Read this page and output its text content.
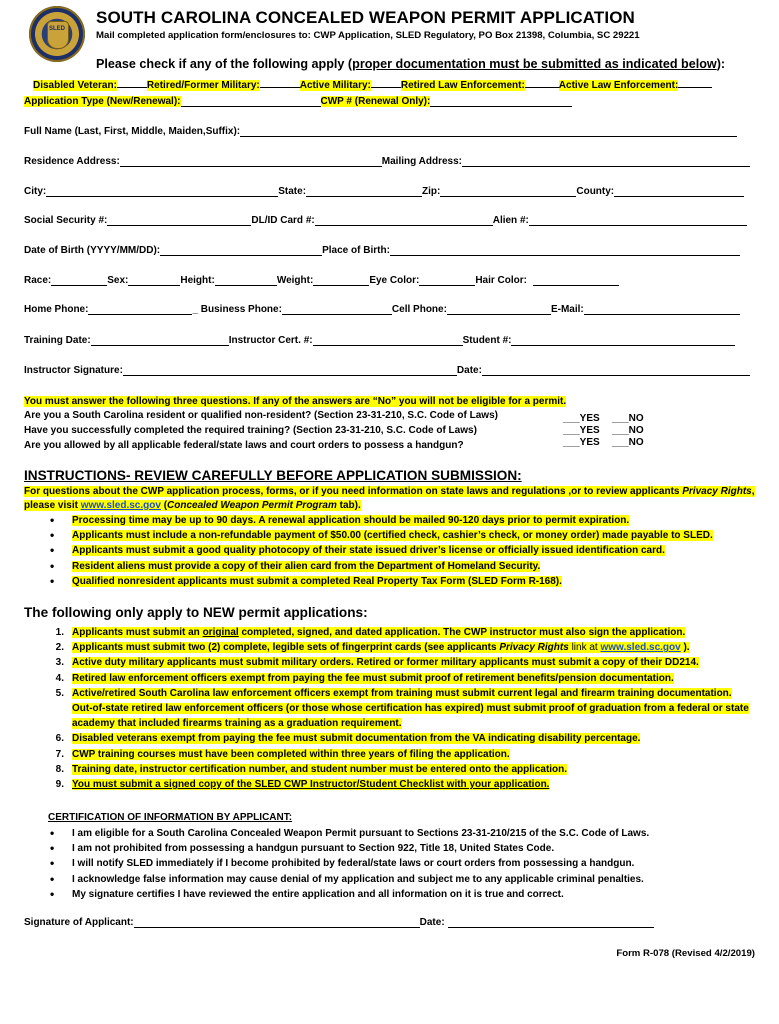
SLED
SOUTH CAROLINA CONCEALED WEAPON PERMIT APPLICATION
Mail completed application form/enclosures to: CWP Application, SLED Regulatory, PO Box 21398, Columbia, SC 29221
Please check if any of the following apply (proper documentation must be submitted as indicated below):
Disabled Veteran:	Retired/Former Military:	Active Military:	Retired Law Enforcement:	Active Law Enforcement:
Application Type (New/Renewal):	CWP # (Renewal Only):
Full Name (Last, First, Middle, Maiden,Suffix):
Residence Address:	Mailing Address:
City:	State:	Zip:	County:
Social Security #:	DL/ID Card #:	Alien #:
Date of Birth (YYYY/MM/DD):	Place of Birth:
Race:	Sex:	Height:	Weight:	Eye Color:	Hair Color:
Home Phone:	_ Business Phone:	Cell Phone:	E-Mail:
Training Date:	Instructor Cert. #:	Student #:
Instructor Signature:	Date:
You must answer the following three questions. If any of the answers are “No” you will not be eligible for a permit.
Are you a South Carolina resident or qualified non-resident? (Section 23-31-210, S.C. Code of Laws)
Have you successfully completed the required training? (Section 23-31-210, S.C. Code of Laws)
Are you allowed by all applicable federal/state laws and court orders to possess a handgun?
___YES ___NO
___YES ___NO
___YES ___NO
INSTRUCTIONS- REVIEW CAREFULLY BEFORE APPLICATION SUBMISSION:
For questions about the CWP application process, forms, or if you need information on state laws and regulations ,or to review applicants Privacy Rights, please visit www.sled.sc.gov (Concealed Weapon Permit Program tab).
• Processing time may be up to 90 days. A renewal application should be mailed 90-120 days prior to permit expiration.
• Applicants must include a non-refundable payment of $50.00 (certified check, cashier’s check, or money order) made payable to SLED.
• Applicants must submit a good quality photocopy of their state issued driver’s license or officially issued identification card.
• Resident aliens must provide a copy of their alien card from the Department of Homeland Security.
• Qualified nonresident applicants must submit a completed Real Property Tax Form (SLED Form R-168).
The following only apply to NEW permit applications:
1. Applicants must submit an original completed, signed, and dated application. The CWP instructor must also sign the application.
2. Applicants must submit two (2) complete, legible sets of fingerprint cards (see applicants Privacy Rights link at www.sled.sc.gov ).
3. Active duty military applicants must submit military orders. Retired or former military applicants must submit a copy of their DD214.
4. Retired law enforcement officers exempt from paying the fee must submit proof of retirement benefits/pension documentation.
5. Active/retired South Carolina law enforcement officers exempt from training must submit current legal and firearm training documentation. Out-of-state retired law enforcement officers (or those whose certification has expired) must submit proof of graduation from a federal or state academy that included firearms training as a graduation requirement.
6. Disabled veterans exempt from paying the fee must submit documentation from the VA indicating disability percentage.
7. CWP training courses must have been completed within three years of filing the application.
8. Training date, instructor certification number, and student number must be entered onto the application.
9. You must submit a signed copy of the SLED CWP Instructor/Student Checklist with your application.
CERTIFICATION OF INFORMATION BY APPLICANT:
• I am eligible for a South Carolina Concealed Weapon Permit pursuant to Sections 23-31-210/215 of the S.C. Code of Laws.
• I am not prohibited from possessing a handgun pursuant to Section 922, Title 18, United States Code.
• I will notify SLED immediately if I become prohibited by federal/state laws or court orders from possessing a handgun.
• I acknowledge false information may cause denial of my application and subject me to any applicable criminal penalties.
• My signature certifies I have reviewed the entire application and all information on it is true and correct.
Signature of Applicant:	Date:
Form R-078 (Revised 4/2/2019)
